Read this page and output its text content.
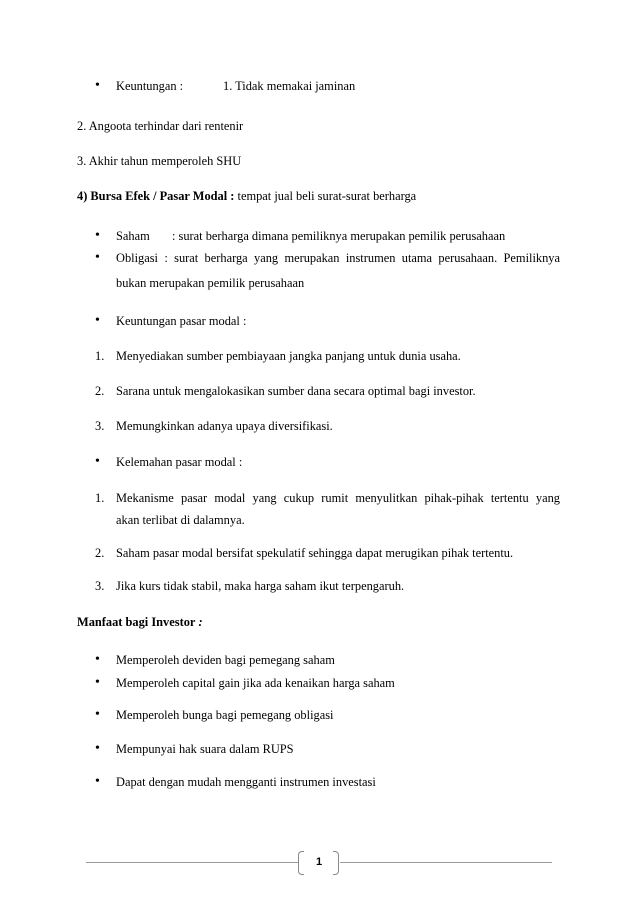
• Keuntungan :	1. Tidak memakai jaminan
2. Angoota terhindar dari rentenir
3. Akhir tahun memperoleh SHU
4) Bursa Efek / Pasar Modal : tempat jual beli surat-surat berharga
• Saham : surat berharga dimana pemiliknya merupakan pemilik perusahaan
• Obligasi : surat berharga yang merupakan instrumen utama perusahaan. Pemiliknya
bukan merupakan pemilik perusahaan
• Keuntungan pasar modal :
1. Menyediakan sumber pembiayaan jangka panjang untuk dunia usaha.
2. Sarana untuk mengalokasikan sumber dana secara optimal bagi investor.
3. Memungkinkan adanya upaya diversifikasi.
• Kelemahan pasar modal :
1. Mekanisme pasar modal yang cukup rumit menyulitkan pihak-pihak tertentu yang
akan terlibat di dalamnya.
2. Saham pasar modal bersifat spekulatif sehingga dapat merugikan pihak tertentu.
3. Jika kurs tidak stabil, maka harga saham ikut terpengaruh.
Manfaat bagi Investor :
• Memperoleh deviden bagi pemegang saham
• Memperoleh capital gain jika ada kenaikan harga saham
• Memperoleh bunga bagi pemegang obligasi
• Mempunyai hak suara dalam RUPS
• Dapat dengan mudah mengganti instrumen investasi
1
